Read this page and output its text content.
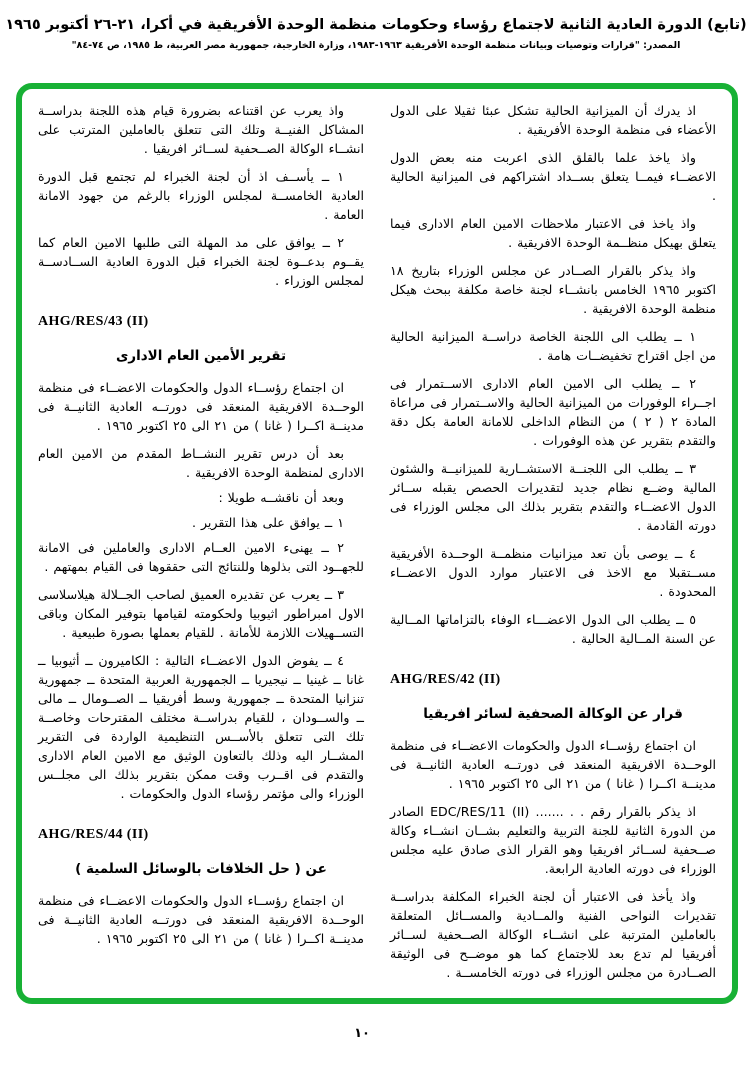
(تابع) الدورة العادية الثانية لاجتماع رؤساء وحكومات منظمة الوحدة الأفريقية في أكرا، ٢١-٢٦ أكتوبر ١٩٦٥
المصدر: "قرارات وتوصيات وبيانات منظمة الوحدة الأفريقية ١٩٦٣-١٩٨٣، وزارة الخارجية، جمهورية مصر العربية، ط ١٩٨٥، ص ٧٤-٨٤"

اذ يدرك أن الميزانية الحالية تشكل عبئا ثقيلا على الدول الأعضاء فى منظمة الوحدة الأفريقية .

واذ ياخذ علما بالقلق الذى اعربت منه بعض الدول الاعضــاء فيمــا يتعلق بســداد اشتراكهم فى الميزانية الحالية .

واذ ياخذ فى الاعتبار ملاحظات الامين العام الادارى فيما يتعلق بهيكل منظــمة الوحدة الافريقية .

واذ يذكر بالقرار الصــادر عن مجلس الوزراء بتاريخ ١٨ اكتوبر ١٩٦٥ الخامس بانشــاء لجنة خاصة مكلفة ببحث هيكل منظمة الوحدة الافريقية .

١ ــ يطلب الى اللجنة الخاصة دراســة الميزانية الحالية من اجل اقتراح تخفيضــات هامة .

٢ ــ يطلب الى الامين العام الادارى الاســتمرار فى اجــراء الوفورات من الميزانية الحالية والاســتمرار فى مراعاة المادة ٢ ( ٢ ) من النظام الداخلى للامانة العامة بكل دقة والتقدم بتقرير عن هذه الوفورات .

٣ ــ يطلب الى اللجنــة الاستشــارية للميزانيــة والشئون المالية وضــع نظام جديد لتقديرات الحصص يقبله ســائر الدول الاعضــاء والتقدم بتقرير بذلك الى مجلس الوزراء فى دورته القادمة .

٤ ــ يوصى بأن تعد ميزانيات منظمــة الوحــدة الأفريقية مســتقبلا مع الاخذ فى الاعتبار موارد الدول الاعضــاء المحدودة .

٥ ــ يطلب الى الدول الاعضـــاء الوفاء بالتزاماتها المــالية عن السنة المــالية الحالية .

AHG/RES/42 (II)
قرار عن الوكالة الصحفية لسائر افريقيا

ان اجتماع رؤســاء الدول والحكومات الاعضــاء فى منظمة الوحــدة الافريقية المنعقد فى دورتــه العادية الثانيــة فى مدينــة اكــرا ( غانا ) من ٢١ الى ٢٥ اكتوبر ١٩٦٥ .

اذ يذكر بالقرار رقم . . ....... EDC/RES/11 (II) الصادر من الدورة الثانية للجنة التربية والتعليم بشــان انشــاء وكالة صــحفية لســائر افريقيا وهو القرار الذى صادق عليه مجلس الوزراء فى دورته العادية الرابعة.

واذ يأخذ فى الاعتبار أن لجنة الخبراء المكلفة بدراســة تقديرات النواحى الفنية والمــادية والمســائل المتعلقة بالعاملين المترتبة على انشــاء الوكالة الصــحفية لســائر أفريقيا لم تدع بعد للاجتماع كما هو موضــح فى الوثيقة الصــادرة من مجلس الوزراء فى دورته الخامســة .

واذ يعرب عن اقتناعه بضرورة قيام هذه اللجنة بدراســة المشاكل الفنيــة وتلك التى تتعلق بالعاملين المترتب على انشــاء الوكالة الصــحفية لســائر افريقيا .

١ ــ يأســف اذ أن لجنة الخبراء لم تجتمع قبل الدورة العادية الخامســة لمجلس الوزراء بالرغم من جهود الامانة العامة .

٢ ــ يوافق على مد المهلة التى طلبها الامين العام كما يقــوم بدعــوة لجنة الخبراء قبل الدورة العادية الســادســة لمجلس الوزراء .

AHG/RES/43 (II)
تقرير الأمين العام الادارى

ان اجتماع رؤســاء الدول والحكومات الاعضــاء فى منظمة الوحــدة الافريقية المنعقد فى دورتــه العادية الثانيــة فى مدينــة اكــرا ( غانا ) من ٢١ الى ٢٥ اكتوبر ١٩٦٥ .

بعد أن درس تقرير النشــاط المقدم من الامين العام الادارى لمنظمة الوحدة الافريقية .

وبعد أن ناقشــه طويلا :

١ ــ يوافق على هذا التقرير .

٢ ــ يهنىء الامين العــام الادارى والعاملين فى الامانة للجهــود التى بذلوها وللنتائج التى حققوها فى القيام بمهتهم .

٣ ــ يعرب عن تقديره العميق لصاحب الجــلالة هيلاسلاسى الاول امبراطور اثيوبيا ولحكومته لقيامها بتوفير المكان وباقى التســهيلات اللازمة للأمانة . للقيام بعملها بصورة طبيعية .

٤ ــ يفوض الدول الاعضــاء التالية : الكاميرون ــ أثيوبيا ــ غانا ــ غينيا ــ نيجيريا ــ الجمهورية العربية المتحدة ــ جمهورية تنزانيا المتحدة ــ جمهورية وسط أفريقيا ــ الصــومال ــ مالى ــ والســودان ، للقيام بدراســة مختلف المقترحات وخاصــة تلك التى تتعلق بالأســس التنظيمية الواردة فى التقرير المشــار اليه وذلك بالتعاون الوثيق مع الامين العام الادارى والتقدم فى اقــرب وقت ممكن بتقرير بذلك الى مجلــس الوزراء والى مؤتمر رؤساء الدول والحكومات .

AHG/RES/44 (II)
عن ( حل الخلافات بالوسائل السلمية )

ان اجتماع رؤســاء الدول والحكومات الاعضــاء فى منظمة الوحــدة الافريقية المنعقد فى دورتــه العادية الثانيــة فى مدينــة اكــرا ( غانا ) من ٢١ الى ٢٥ اكتوبر ١٩٦٥ .

١٠
